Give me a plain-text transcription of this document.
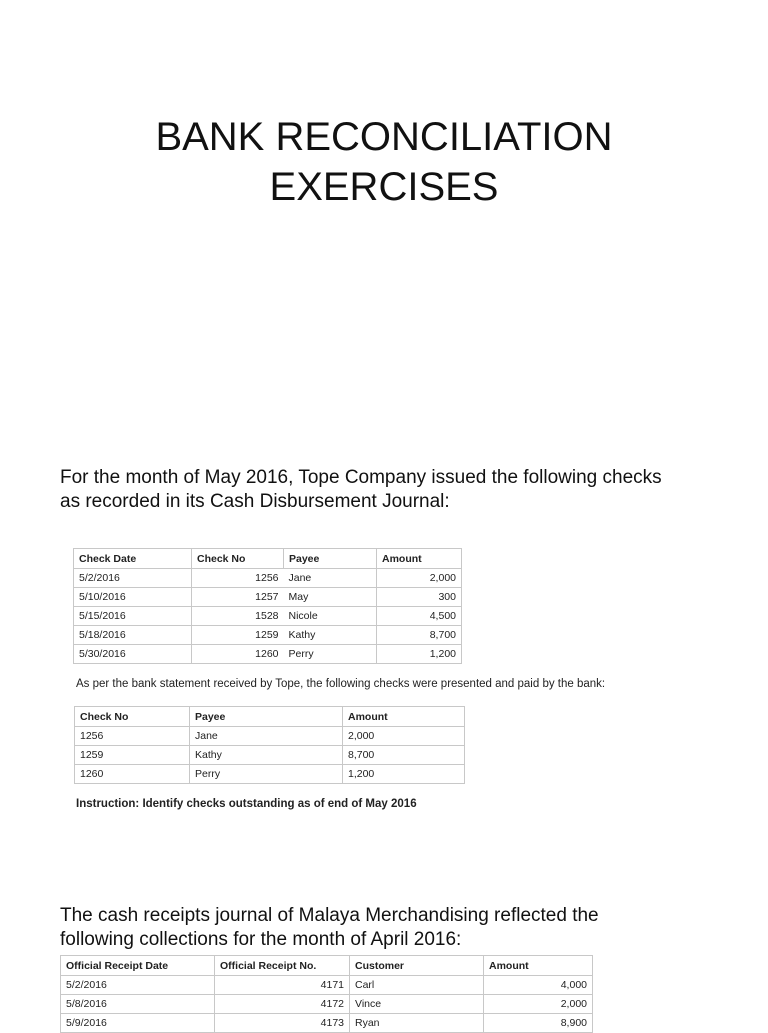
BANK RECONCILIATION
EXERCISES
For the month of May 2016, Tope Company issued the following checks
as recorded in its Cash Disbursement Journal:
Check Date	Check No	Payee	Amount
5/2/2016	1256	Jane	2,000
5/10/2016	1257	May	300
5/15/2016	1528	Nicole	4,500
5/18/2016	1259	Kathy	8,700
5/30/2016	1260	Perry	1,200
As per the bank statement received by Tope, the following checks were presented and paid by the bank:
Check No	Payee	Amount
1256	Jane	2,000
1259	Kathy	8,700
1260	Perry	1,200
Instruction: Identify checks outstanding as of end of May 2016
The cash receipts journal of Malaya Merchandising reflected the
following collections for the month of April 2016:
Official Receipt Date	Official Receipt No.	Customer	Amount
5/2/2016	4171	Carl	4,000
5/8/2016	4172	Vince	2,000
5/9/2016	4173	Ryan	8,900
